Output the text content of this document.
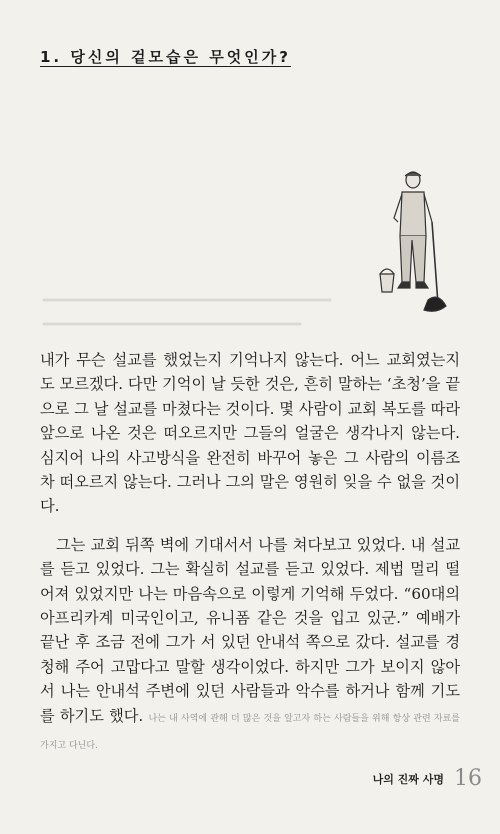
1. 당신의 겉모습은 무엇인가?

내가 무슨 설교를 했었는지 기억나지 않는다. 어느 교회였는지도 모르겠다. 다만 기억이 날 듯한 것은, 흔히 말하는 ‘초청’을 끝으로 그 날 설교를 마쳤다는 것이다. 몇 사람이 교회 복도를 따라 앞으로 나온 것은 떠오르지만 그들의 얼굴은 생각나지 않는다. 심지어 나의 사고방식을 완전히 바꾸어 놓은 그 사람의 이름조차 떠오르지 않는다. 그러나 그의 말은 영원히 잊을 수 없을 것이다.

그는 교회 뒤쪽 벽에 기대서서 나를 쳐다보고 있었다. 내 설교를 듣고 있었다. 그는 확실히 설교를 듣고 있었다. 제법 멀리 떨어져 있었지만 나는 마음속으로 이렇게 기억해 두었다. “60대의 아프리카계 미국인이고, 유니폼 같은 것을 입고 있군.” 예배가 끝난 후 조금 전에 그가 서 있던 안내석 쪽으로 갔다. 설교를 경청해 주어 고맙다고 말할 생각이었다. 하지만 그가 보이지 않아서 나는 안내석 주변에 있던 사람들과 악수를 하거나 함께 기도를 하기도 했다. 나는 내 사역에 관해 더 많은 것을 알고자 하는 사람들을 위해 항상 관련 자료를 가지고 다닌다.

나의 진짜 사명 16
